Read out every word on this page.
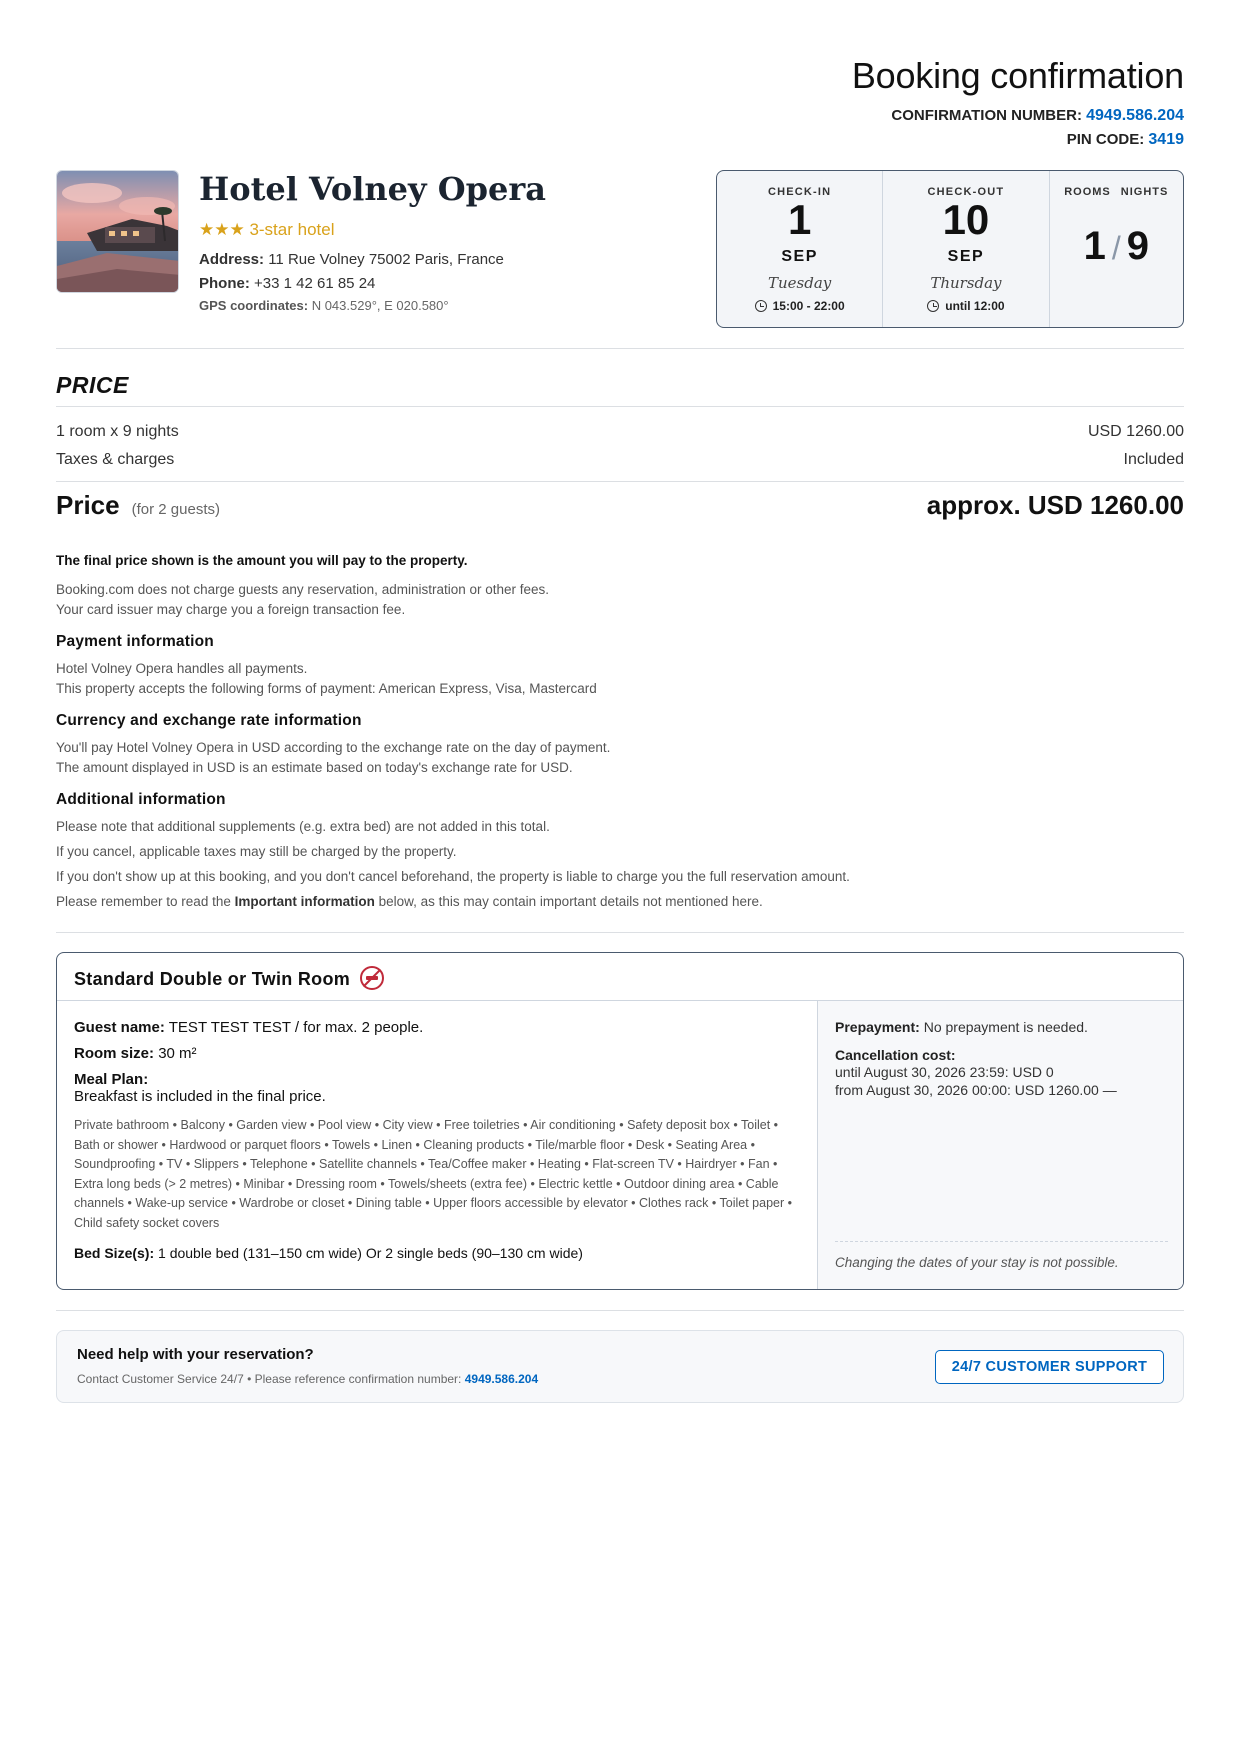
Booking confirmation
CONFIRMATION NUMBER: 4949.586.204
PIN CODE: 3419
Hotel Volney Opera
★★★ 3-star hotel
Address: 11 Rue Volney 75002 Paris, France
Phone: +33 1 42 61 85 24
GPS coordinates: N 043.529°, E 020.580°
CHECK-IN
1
SEP
Tuesday
15:00 - 22:00
CHECK-OUT
10
SEP
Thursday
until 12:00
ROOMS NIGHTS
1 / 9
PRICE
1 room x 9 nights	USD 1260.00
Taxes & charges	Included
Price (for 2 guests)	approx. USD 1260.00
The final price shown is the amount you will pay to the property.
Booking.com does not charge guests any reservation, administration or other fees.
Your card issuer may charge you a foreign transaction fee.
Payment information
Hotel Volney Opera handles all payments.
This property accepts the following forms of payment: American Express, Visa, Mastercard
Currency and exchange rate information
You'll pay Hotel Volney Opera in USD according to the exchange rate on the day of payment.
The amount displayed in USD is an estimate based on today's exchange rate for USD.
Additional information
Please note that additional supplements (e.g. extra bed) are not added in this total.
If you cancel, applicable taxes may still be charged by the property.
If you don't show up at this booking, and you don't cancel beforehand, the property is liable to charge you the full reservation amount.
Please remember to read the Important information below, as this may contain important details not mentioned here.
Standard Double or Twin Room
Guest name: TEST TEST TEST / for max. 2 people.
Room size: 30 m²
Meal Plan:
Breakfast is included in the final price.
Private bathroom • Balcony • Garden view • Pool view • City view • Free toiletries • Air conditioning • Safety deposit box • Toilet • Bath or shower • Hardwood or parquet floors • Towels • Linen • Cleaning products • Tile/marble floor • Desk • Seating Area • Soundproofing • TV • Slippers • Telephone • Satellite channels • Tea/Coffee maker • Heating • Flat-screen TV • Hairdryer • Fan • Extra long beds (> 2 metres) • Minibar • Dressing room • Towels/sheets (extra fee) • Electric kettle • Outdoor dining area • Cable channels • Wake-up service • Wardrobe or closet • Dining table • Upper floors accessible by elevator • Clothes rack • Toilet paper • Child safety socket covers
Bed Size(s): 1 double bed (131–150 cm wide) Or 2 single beds (90–130 cm wide)
Prepayment: No prepayment is needed.
Cancellation cost:
until August 30, 2026 23:59: USD 0
from August 30, 2026 00:00: USD 1260.00 —
Changing the dates of your stay is not possible.
Need help with your reservation?
Contact Customer Service 24/7 • Please reference confirmation number: 4949.586.204
24/7 CUSTOMER SUPPORT
